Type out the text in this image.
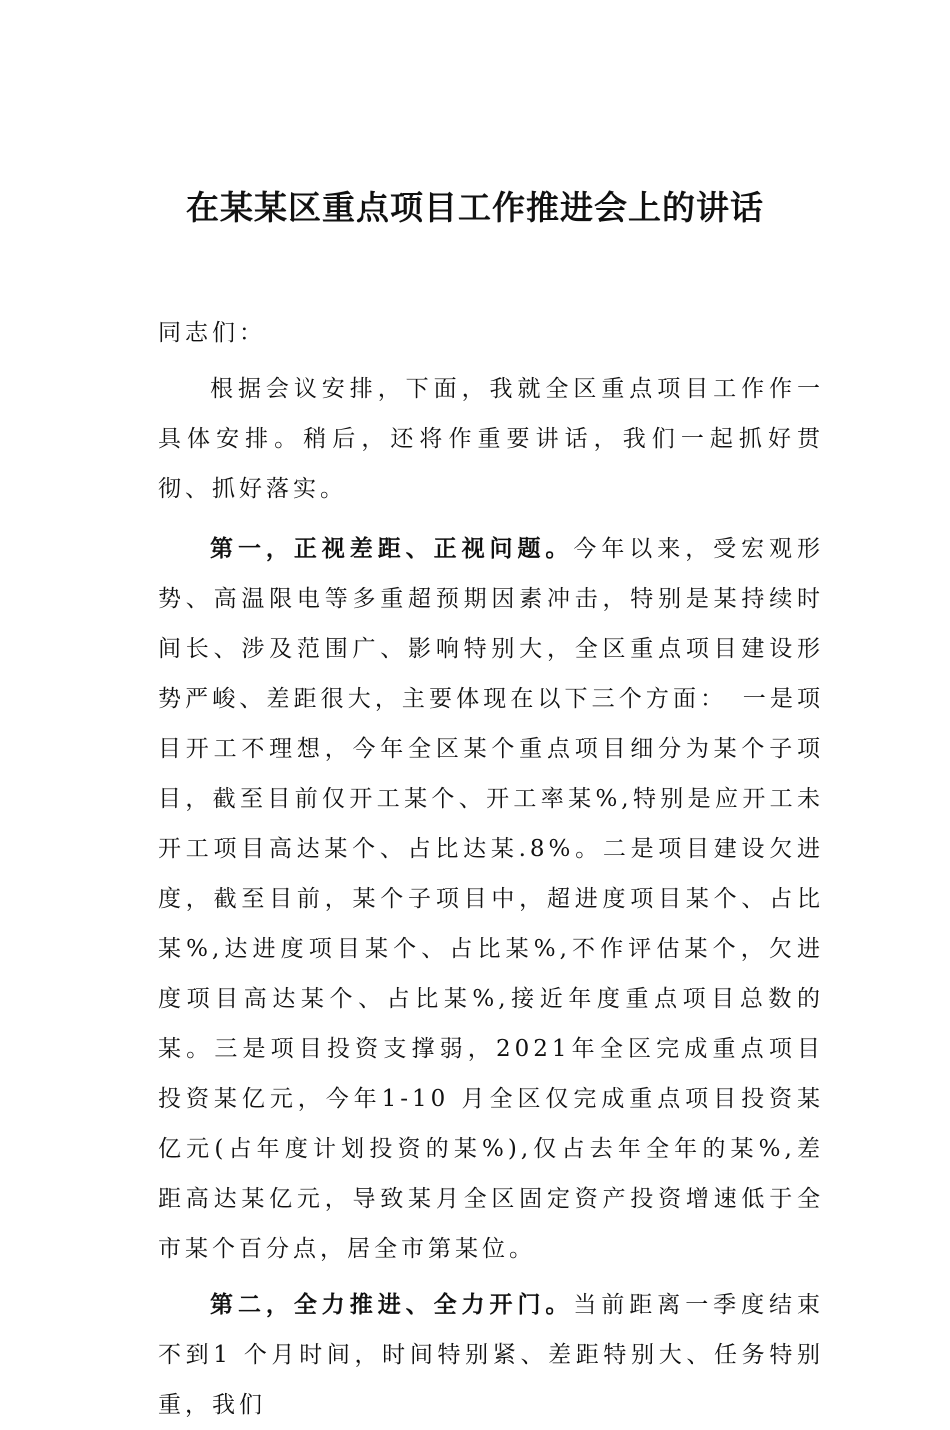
在某某区重点项目工作推进会上的讲话

同志们：

根据会议安排，下面，我就全区重点项目工作作一具体安排。稍后，还将作重要讲话，我们一起抓好贯彻、抓好落实。

第一，正视差距、正视问题。今年以来，受宏观形势、高温限电等多重超预期因素冲击，特别是某持续时间长、涉及范围广、影响特别大，全区重点项目建设形势严峻、差距很大，主要体现在以下三个方面：　一是项目开工不理想，今年全区某个重点项目细分为某个子项目，截至目前仅开工某个、开工率某%,特别是应开工未开工项目高达某个、占比达某.8%。二是项目建设欠进度，截至目前，某个子项目中，超进度项目某个、占比某%,达进度项目某个、占比某%,不作评估某个，欠进度项目高达某个、占比某%,接近年度重点项目总数的某。三是项目投资支撑弱，2021年全区完成重点项目投资某亿元，今年1-10 月全区仅完成重点项目投资某亿元(占年度计划投资的某%),仅占去年全年的某%,差距高达某亿元，导致某月全区固定资产投资增速低于全市某个百分点，居全市第某位。

第二，全力推进、全力开门。当前距离一季度结束不到1 个月时间，时间特别紧、差距特别大、任务特别重，我们
